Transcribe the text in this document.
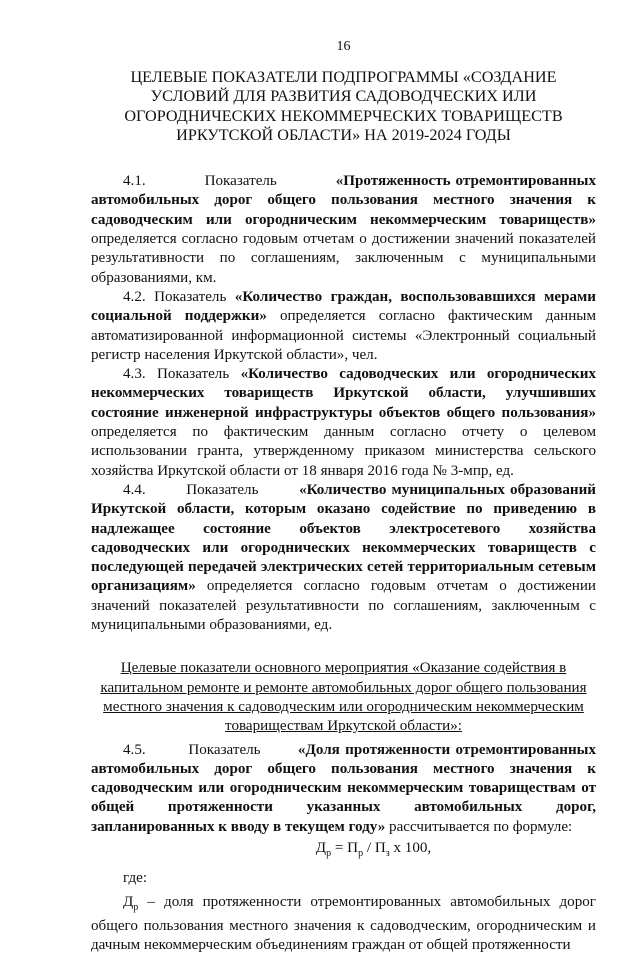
16

ЦЕЛЕВЫЕ ПОКАЗАТЕЛИ ПОДПРОГРАММЫ «СОЗДАНИЕ УСЛОВИЙ ДЛЯ РАЗВИТИЯ САДОВОДЧЕСКИХ ИЛИ ОГОРОДНИЧЕСКИХ НЕКОММЕРЧЕСКИХ ТОВАРИЩЕСТВ ИРКУТСКОЙ ОБЛАСТИ» НА 2019-2024 ГОДЫ

4.1.	Показатель	«Протяженность отремонтированных автомобильных дорог общего пользования местного значения к садоводческим или огородническим некоммерческим товариществ» определяется согласно годовым отчетам о достижении значений показателей результативности по соглашениям, заключенным с муниципальными образованиями, км.

4.2. Показатель «Количество граждан, воспользовавшихся мерами социальной поддержки» определяется согласно фактическим данным автоматизированной информационной системы «Электронный социальный регистр населения Иркутской области», чел.

4.3. Показатель «Количество садоводческих или огороднических некоммерческих товариществ Иркутской области, улучшивших состояние инженерной инфраструктуры объектов общего пользования» определяется по фактическим данным согласно отчету о целевом использовании гранта, утвержденному приказом министерства сельского хозяйства Иркутской области от 18 января 2016 года № 3-мпр, ед.

4.4.	Показатель	«Количество муниципальных образований Иркутской области, которым оказано содействие по приведению в надлежащее состояние объектов электросетевого хозяйства садоводческих или огороднических некоммерческих товариществ с последующей передачей электрических сетей территориальным сетевым организациям» определяется согласно годовым отчетам о достижении значений показателей результативности по соглашениям, заключенным с муниципальными образованиями, ед.

Целевые показатели основного мероприятия «Оказание содействия в капитальном ремонте и ремонте автомобильных дорог общего пользования местного значения к садоводческим или огородническим некоммерческим товариществам Иркутской области»:

4.5.	Показатель «Доля протяженности отремонтированных автомобильных дорог общего пользования местного значения к садоводческим или огородническим некоммерческим товариществам от общей протяженности указанных автомобильных дорог, запланированных к вводу в текущем году» рассчитывается по формуле:

$Д_р = П_р / П_з$ x 100,

где:

$Д_р$ – доля протяженности отремонтированных автомобильных дорог общего пользования местного значения к садоводческим, огородническим и дачным некоммерческим объединениям граждан от общей протяженности
